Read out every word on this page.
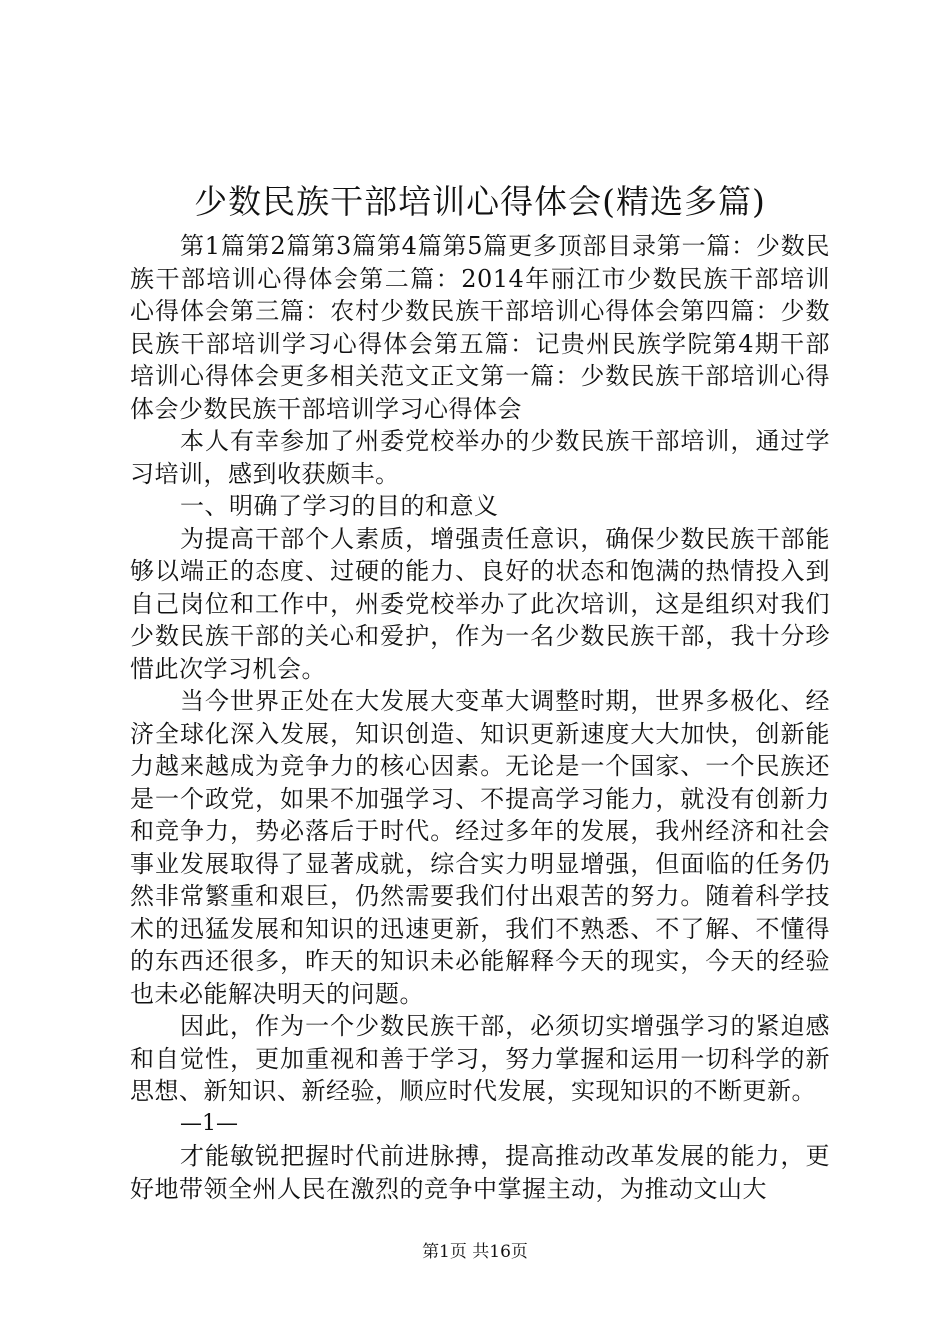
少数民族干部培训心得体会(精选多篇)

第1篇第2篇第3篇第4篇第5篇更多顶部目录第一篇：少数民族干部培训心得体会第二篇：2014年丽江市少数民族干部培训心得体会第三篇：农村少数民族干部培训心得体会第四篇：少数民族干部培训学习心得体会第五篇：记贵州民族学院第4期干部培训心得体会更多相关范文正文第一篇：少数民族干部培训心得体会少数民族干部培训学习心得体会

本人有幸参加了州委党校举办的少数民族干部培训，通过学习培训，感到收获颇丰。

一、明确了学习的目的和意义

为提高干部个人素质，增强责任意识，确保少数民族干部能够以端正的态度、过硬的能力、良好的状态和饱满的热情投入到自己岗位和工作中，州委党校举办了此次培训，这是组织对我们少数民族干部的关心和爱护，作为一名少数民族干部，我十分珍惜此次学习机会。

当今世界正处在大发展大变革大调整时期，世界多极化、经济全球化深入发展，知识创造、知识更新速度大大加快，创新能力越来越成为竞争力的核心因素。无论是一个国家、一个民族还是一个政党，如果不加强学习、不提高学习能力，就没有创新力和竞争力，势必落后于时代。经过多年的发展，我州经济和社会事业发展取得了显著成就，综合实力明显增强，但面临的任务仍然非常繁重和艰巨，仍然需要我们付出艰苦的努力。随着科学技术的迅猛发展和知识的迅速更新，我们不熟悉、不了解、不懂得的东西还很多，昨天的知识未必能解释今天的现实，今天的经验也未必能解决明天的问题。

因此，作为一个少数民族干部，必须切实增强学习的紧迫感和自觉性，更加重视和善于学习，努力掌握和运用一切科学的新思想、新知识、新经验，顺应时代发展，实现知识的不断更新。

—1—

才能敏锐把握时代前进脉搏，提高推动改革发展的能力，更好地带领全州人民在激烈的竞争中掌握主动，为推动文山大

第1页 共16页
